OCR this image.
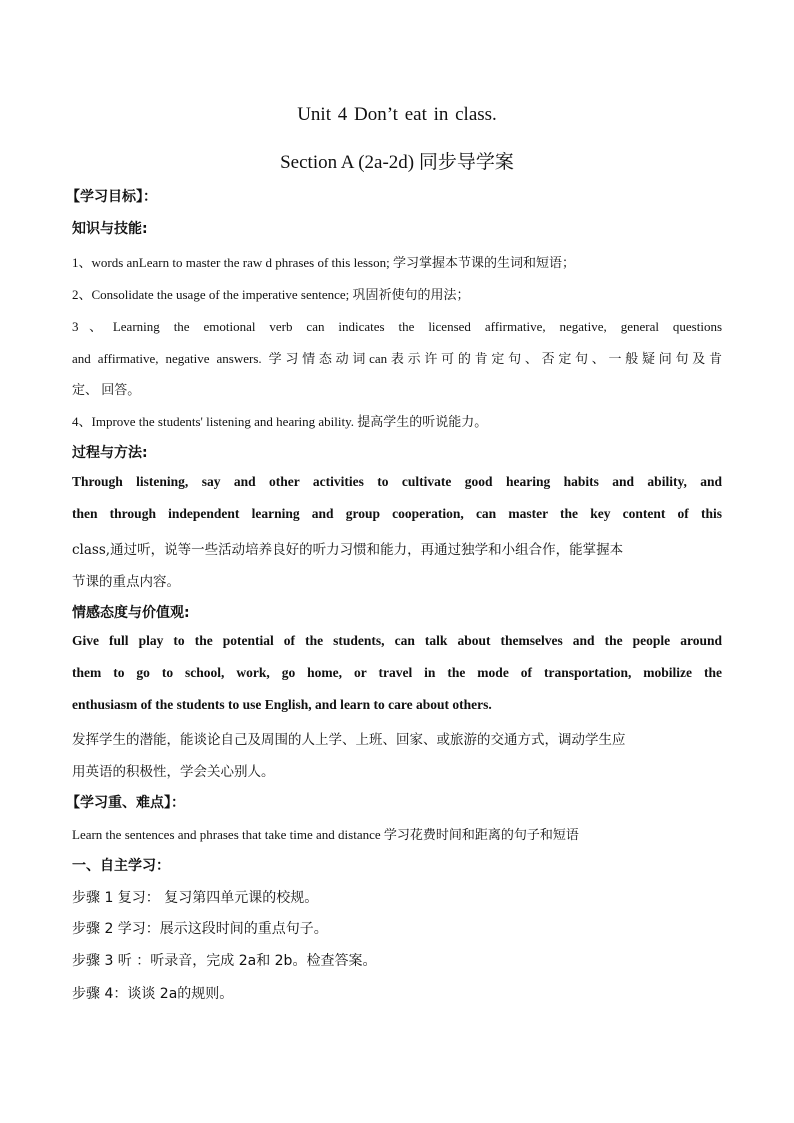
Unit 4 Don’t eat in class.
Section A (2a-2d) 同步导学案
【学习目标】：
知识与技能:
1、words anLearn to master the raw d phrases of this lesson; 学习掌握本节课的生词和短语；
2、Consolidate the usage of the imperative sentence; 巩固祈使句的用法；
3、Learning the emotional verb can indicates the licensed affirmative, negative, general questions
and affirmative, negative answers. 学习情态动词can表示许可的肯定句、否定句、一般疑问句及肯
定、 回答。
4、Improve the students' listening and hearing ability. 提高学生的听说能力。
过程与方法:
Through listening, say and other activities to cultivate good hearing habits and ability, and
then through independent learning and group cooperation, can master the key content of this
class,通过听，说等一些活动培养良好的听力习惯和能力，再通过独学和小组合作，能掌握本
节课的重点内容。
情感态度与价值观:
Give full play to the potential of the students, can talk about themselves and the people around
them to go to school, work, go home, or travel in the mode of transportation, mobilize the
enthusiasm of the students to use English, and learn to care about others.
发挥学生的潜能，能谈论自己及周围的人上学、上班、回家、或旅游的交通方式，调动学生应
用英语的积极性，学会关心别人。
【学习重、难点】：
Learn the sentences and phrases that take time and distance 学习花费时间和距离的句子和短语
一、自主学习：
步骤 1 复习： 复习第四单元课的校规。
步骤 2 学习：展示这段时间的重点句子。
步骤 3 听 ：听录音，完成 2a和 2b。检查答案。
步骤 4：谈谈 2a的规则。
